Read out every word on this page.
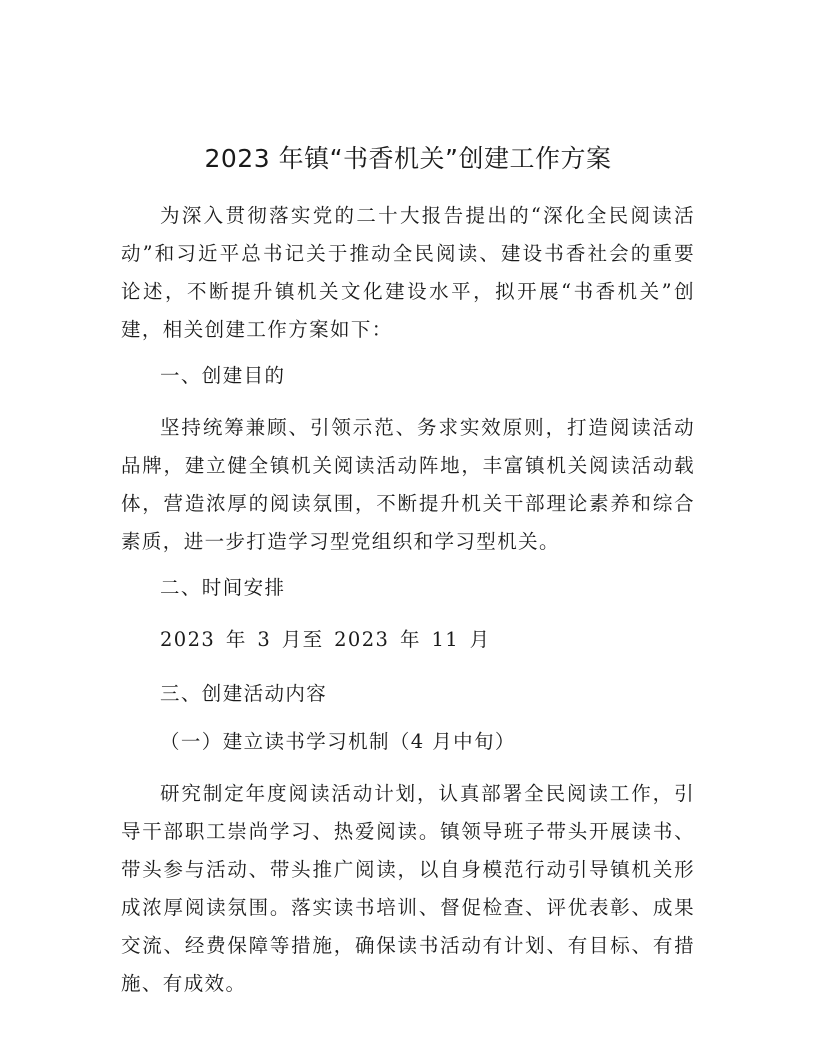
2023 年镇“书香机关”创建工作方案

为深入贯彻落实党的二十大报告提出的“深化全民阅读活动”和习近平总书记关于推动全民阅读、建设书香社会的重要论述，不断提升镇机关文化建设水平，拟开展“书香机关”创建，相关创建工作方案如下：

一、创建目的

坚持统筹兼顾、引领示范、务求实效原则，打造阅读活动品牌，建立健全镇机关阅读活动阵地，丰富镇机关阅读活动载体，营造浓厚的阅读氛围，不断提升机关干部理论素养和综合素质，进一步打造学习型党组织和学习型机关。

二、时间安排

2023 年 3 月至 2023 年 11 月

三、创建活动内容

（一）建立读书学习机制（4 月中旬）

研究制定年度阅读活动计划，认真部署全民阅读工作，引导干部职工崇尚学习、热爱阅读。镇领导班子带头开展读书、带头参与活动、带头推广阅读，以自身模范行动引导镇机关形成浓厚阅读氛围。落实读书培训、督促检查、评优表彰、成果交流、经费保障等措施，确保读书活动有计划、有目标、有措施、有成效。
